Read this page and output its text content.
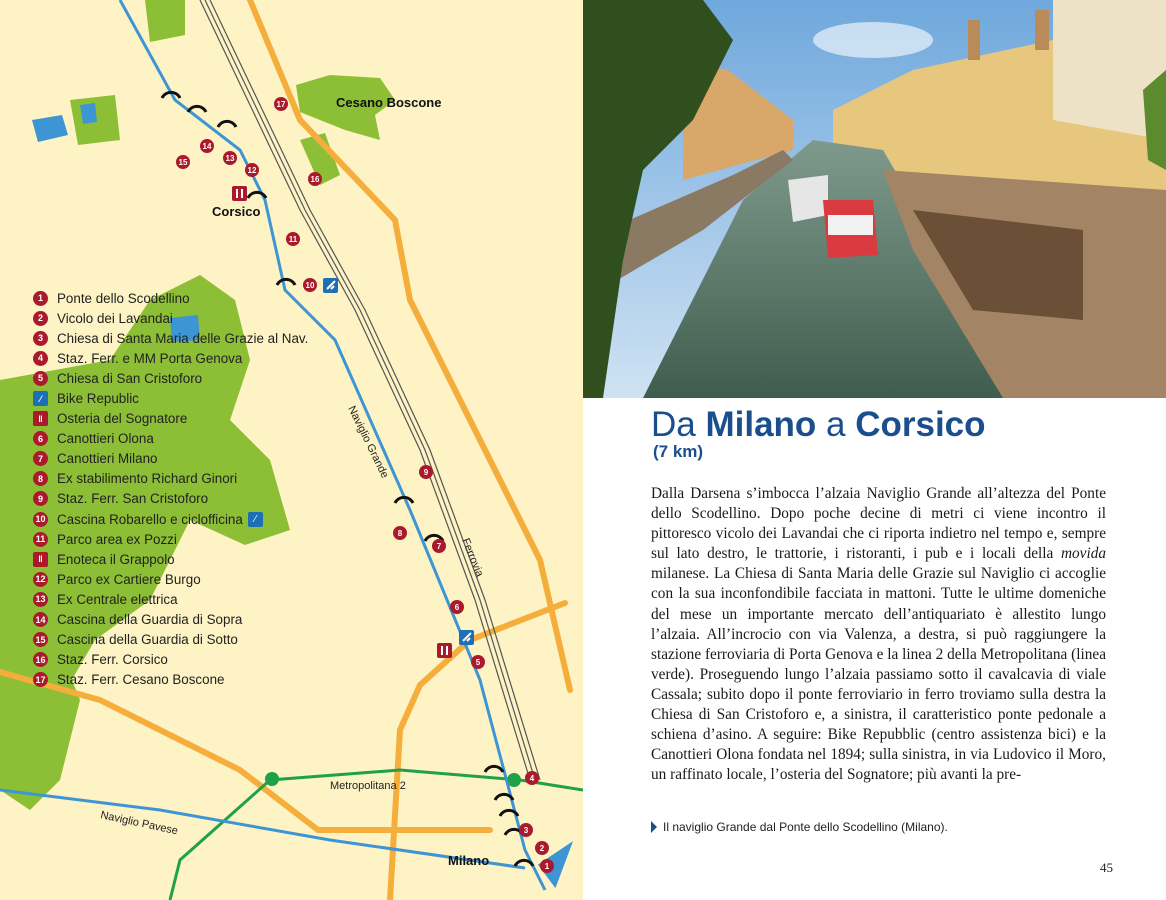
Cesano Boscone
Corsico
Milano
Naviglio Grande
Ferrovia
Metropolitana 2
Naviglio Pavese
1
2
3
4
5
6
7
8
9
10
11
12
13
14
15
16
17
1	Ponte dello Scodellino
2	Vicolo dei Lavandai
3	Chiesa di Santa Maria delle Grazie al Nav.
4	Staz. Ferr. e MM Porta Genova
5	Chiesa di San Cristoforo
⁄	Bike Republic
‖	Osteria del Sognatore
6	Canottieri Olona
7	Canottieri Milano
8	Ex stabilimento Richard Ginori
9	Staz. Ferr. San Cristoforo
10 Cascina Robarello e ciclofficina	⁄
11 Parco area ex Pozzi
‖	Enoteca il Grappolo
12 Parco ex Cartiere Burgo
13 Ex Centrale elettrica
14 Cascina della Guardia di Sopra
15 Cascina della Guardia di Sotto
16 Staz. Ferr. Corsico
17 Staz. Ferr. Cesano Boscone
Da Milano a Corsico
(7 km)

Dalla Darsena s’imbocca l’alzaia Naviglio Grande all’altezza del Ponte dello Scodellino. Dopo poche decine di metri ci viene incontro il pittoresco vicolo dei Lavandai che ci riporta indietro nel tempo e, sempre sul lato destro, le trattorie, i ristoranti, i pub e i locali della movida milanese. La Chiesa di Santa Maria delle Grazie sul Naviglio ci accoglie con la sua inconfondibile facciata in mattoni. Tutte le ultime domeniche del mese un importante mercato dell’antiquariato è allestito lungo l’alzaia. All’incrocio con via Valenza, a destra, si può raggiungere la stazione ferroviaria di Porta Genova e la linea 2 della Metropolitana (linea verde). Proseguendo lungo l’alzaia passiamo sotto il cavalcavia di viale Cassala; subito dopo il ponte ferroviario in ferro troviamo sulla destra la Chiesa di San Cristoforo e, a sinistra, il caratteristico ponte pedonale a schiena d’asino. A seguire: Bike Repubblic (centro assistenza bici) e la Canottieri Olona fondata nel 1894; sulla sinistra, in via Ludovico il Moro, un raffinato locale, l’osteria del Sognatore; più avanti la pre-

Il naviglio Grande dal Ponte dello Scodellino (Milano).
45
